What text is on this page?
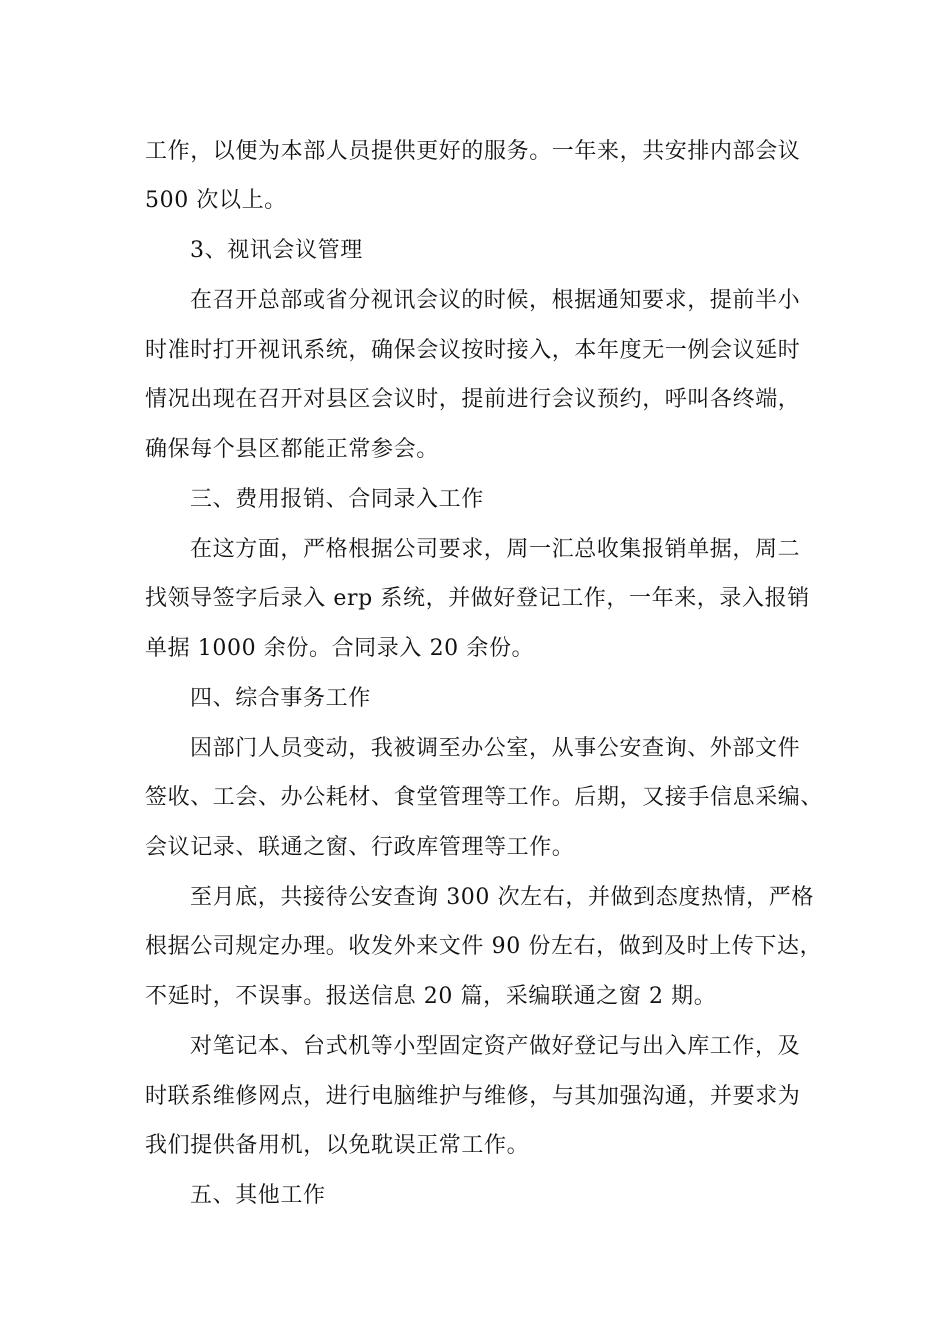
工作，以便为本部人员提供更好的服务。一年来，共安排内部会议
500 次以上。
3、视讯会议管理
在召开总部或省分视讯会议的时候，根据通知要求，提前半小
时准时打开视讯系统，确保会议按时接入，本年度无一例会议延时
情况出现在召开对县区会议时，提前进行会议预约，呼叫各终端，
确保每个县区都能正常参会。
三、费用报销、合同录入工作
在这方面，严格根据公司要求，周一汇总收集报销单据，周二
找领导签字后录入 erp 系统，并做好登记工作，一年来，录入报销
单据 1000 余份。合同录入 20 余份。
四、综合事务工作
因部门人员变动，我被调至办公室，从事公安查询、外部文件
签收、工会、办公耗材、食堂管理等工作。后期，又接手信息采编、
会议记录、联通之窗、行政库管理等工作。
至月底，共接待公安查询 300 次左右，并做到态度热情，严格
根据公司规定办理。收发外来文件 90 份左右，做到及时上传下达，
不延时，不误事。报送信息 20 篇，采编联通之窗 2 期。
对笔记本、台式机等小型固定资产做好登记与出入库工作，及
时联系维修网点，进行电脑维护与维修，与其加强沟通，并要求为
我们提供备用机，以免耽误正常工作。
五、其他工作
